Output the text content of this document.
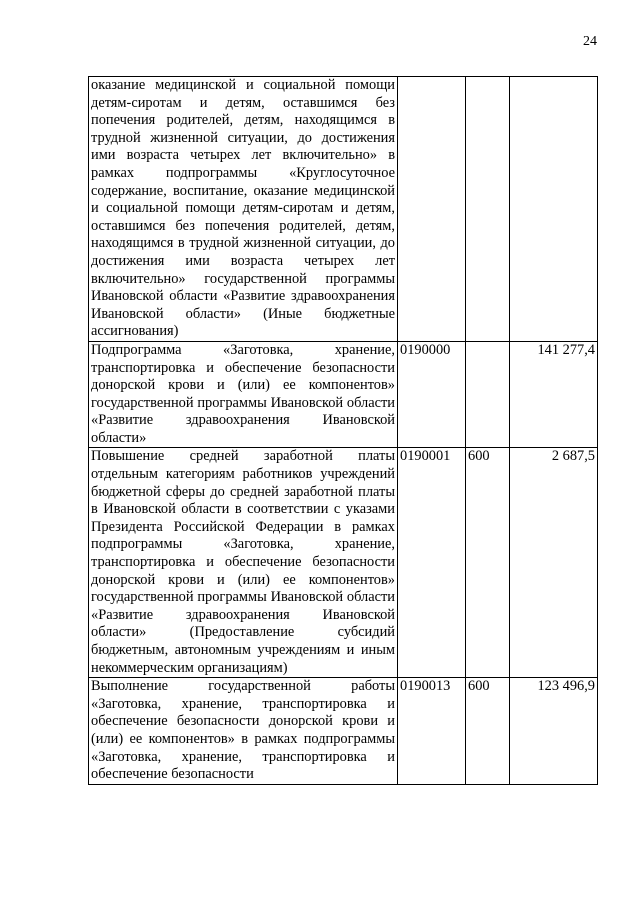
24
оказание медицинской и социальной помощи детям-сиротам и детям, оставшимся без попечения родителей, детям, находящимся в трудной жизненной ситуации, до достижения ими возраста четырех лет включительно» в рамках подпрограммы «Круглосуточное содержание, воспитание, оказание медицинской и социальной помощи детям-сиротам и детям, оставшимся без попечения родителей, детям, находящимся в трудной жизненной ситуации, до достижения ими возраста четырех лет включительно» государственной программы Ивановской области «Развитие здравоохранения Ивановской области» (Иные бюджетные ассигнования)			
Подпрограмма «Заготовка, хранение, транспортировка и обеспечение безопасности донорской крови и (или) ее компонентов» государственной программы Ивановской области «Развитие здравоохранения Ивановской области»	0190000		141 277,4
Повышение средней заработной платы отдельным категориям работников учреждений бюджетной сферы до средней заработной платы в Ивановской области в соответствии с указами Президента Российской Федерации в рамках подпрограммы «Заготовка, хранение, транспортировка и обеспечение безопасности донорской крови и (или) ее компонентов» государственной программы Ивановской области «Развитие здравоохранения Ивановской области» (Предоставление субсидий бюджетным, автономным учреждениям и иным некоммерческим организациям)	0190001	600	2 687,5
Выполнение государственной работы «Заготовка, хранение, транспортировка и обеспечение безопасности донорской крови и (или) ее компонентов» в рамках подпрограммы «Заготовка, хранение, транспортировка и обеспечение безопасности	0190013	600	123 496,9
